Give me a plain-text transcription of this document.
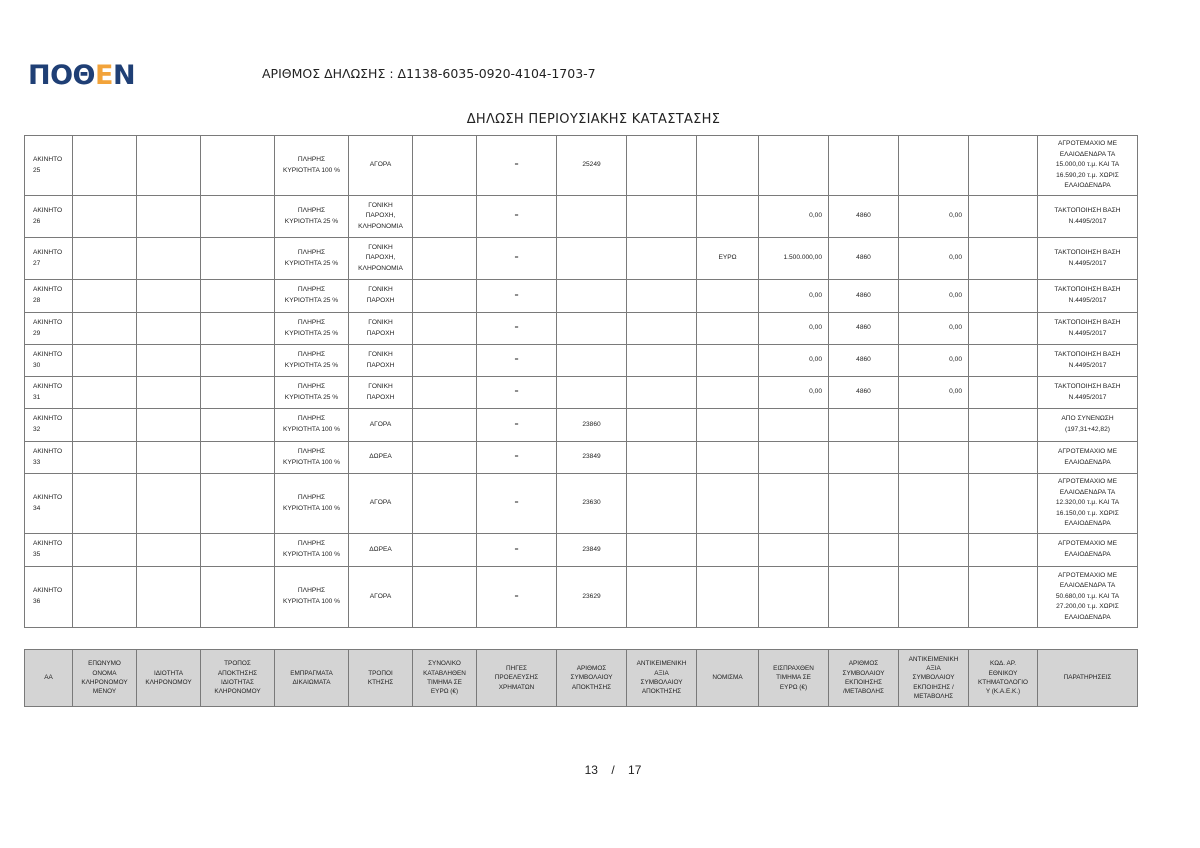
ΠΟΘΕΝ	ΑΡΙΘΜΟΣ ΔΗΛΩΣΗΣ : Δ1138-6035-0920-4104-1703-7
ΔΗΛΩΣΗ ΠΕΡΙΟΥΣΙΑΚΗΣ ΚΑΤΑΣΤΑΣΗΣ
ΑΚΙΝΗΤΟ
25				ΠΛΗΡΗΣ
ΚΥΡΙΟΤΗΤΑ 100 %	ΑΓΟΡΑ		=	25249							ΑΓΡΟΤΕΜΑΧΙΟ ΜΕ
ΕΛΑΙΟΔΕΝΔΡΑ ΤΑ
15.000,00 τ.μ. ΚΑΙ ΤΑ
16.590,20 τ.μ. ΧΩΡΙΣ
ΕΛΑΙΟΔΕΝΔΡΑ
ΑΚΙΝΗΤΟ
26				ΠΛΗΡΗΣ
ΚΥΡΙΟΤΗΤΑ 25 %	ΓΟΝΙΚΗ
ΠΑΡΟΧΗ,
ΚΛΗΡΟΝΟΜΙΑ		=				0,00	4860	0,00		ΤΑΚΤΟΠΟΙΗΣΗ ΒΑΣΗ
Ν.4495/2017
ΑΚΙΝΗΤΟ
27				ΠΛΗΡΗΣ
ΚΥΡΙΟΤΗΤΑ 25 %	ΓΟΝΙΚΗ
ΠΑΡΟΧΗ,
ΚΛΗΡΟΝΟΜΙΑ		=			ΕΥΡΩ	1.500.000,00	4860	0,00		ΤΑΚΤΟΠΟΙΗΣΗ ΒΑΣΗ
Ν.4495/2017
ΑΚΙΝΗΤΟ
28				ΠΛΗΡΗΣ
ΚΥΡΙΟΤΗΤΑ 25 %	ΓΟΝΙΚΗ
ΠΑΡΟΧΗ		=				0,00	4860	0,00		ΤΑΚΤΟΠΟΙΗΣΗ ΒΑΣΗ
Ν.4495/2017
ΑΚΙΝΗΤΟ
29				ΠΛΗΡΗΣ
ΚΥΡΙΟΤΗΤΑ 25 %	ΓΟΝΙΚΗ
ΠΑΡΟΧΗ		=				0,00	4860	0,00		ΤΑΚΤΟΠΟΙΗΣΗ ΒΑΣΗ
Ν.4495/2017
ΑΚΙΝΗΤΟ
30				ΠΛΗΡΗΣ
ΚΥΡΙΟΤΗΤΑ 25 %	ΓΟΝΙΚΗ
ΠΑΡΟΧΗ		=				0,00	4860	0,00		ΤΑΚΤΟΠΟΙΗΣΗ ΒΑΣΗ
Ν.4495/2017
ΑΚΙΝΗΤΟ
31				ΠΛΗΡΗΣ
ΚΥΡΙΟΤΗΤΑ 25 %	ΓΟΝΙΚΗ
ΠΑΡΟΧΗ		=				0,00	4860	0,00		ΤΑΚΤΟΠΟΙΗΣΗ ΒΑΣΗ
Ν.4495/2017
ΑΚΙΝΗΤΟ
32				ΠΛΗΡΗΣ
ΚΥΡΙΟΤΗΤΑ 100 %	ΑΓΟΡΑ		=	23860							ΑΠΟ ΣΥΝΕΝΩΣΗ
(197,31+42,82)
ΑΚΙΝΗΤΟ
33				ΠΛΗΡΗΣ
ΚΥΡΙΟΤΗΤΑ 100 %	ΔΩΡΕΑ		=	23849							ΑΓΡΟΤΕΜΑΧΙΟ ΜΕ
ΕΛΑΙΟΔΕΝΔΡΑ
ΑΚΙΝΗΤΟ
34				ΠΛΗΡΗΣ
ΚΥΡΙΟΤΗΤΑ 100 %	ΑΓΟΡΑ		=	23630							ΑΓΡΟΤΕΜΑΧΙΟ ΜΕ
ΕΛΑΙΟΔΕΝΔΡΑ ΤΑ
12.320,00 τ.μ. ΚΑΙ ΤΑ
16.150,00 τ.μ. ΧΩΡΙΣ
ΕΛΑΙΟΔΕΝΔΡΑ
ΑΚΙΝΗΤΟ
35				ΠΛΗΡΗΣ
ΚΥΡΙΟΤΗΤΑ 100 %	ΔΩΡΕΑ		=	23849							ΑΓΡΟΤΕΜΑΧΙΟ ΜΕ
ΕΛΑΙΟΔΕΝΔΡΑ
ΑΚΙΝΗΤΟ
36				ΠΛΗΡΗΣ
ΚΥΡΙΟΤΗΤΑ 100 %	ΑΓΟΡΑ		=	23629							ΑΓΡΟΤΕΜΑΧΙΟ ΜΕ
ΕΛΑΙΟΔΕΝΔΡΑ ΤΑ
50.680,00 τ.μ. ΚΑΙ ΤΑ
27.200,00 τ.μ. ΧΩΡΙΣ
ΕΛΑΙΟΔΕΝΔΡΑ
ΑΑ	ΕΠΩΝΥΜΟ
ΟΝΟΜΑ
ΚΛΗΡΟΝΟΜΟΥ
ΜΕΝΟΥ	ΙΔΙΟΤΗΤΑ
ΚΛΗΡΟΝΟΜΟΥ	ΤΡΟΠΟΣ
ΑΠΟΚΤΗΣΗΣ
ΙΔΙΟΤΗΤΑΣ
ΚΛΗΡΟΝΟΜΟΥ	ΕΜΠΡΑΓΜΑΤΑ
ΔΙΚΑΙΩΜΑΤΑ	ΤΡΟΠΟΙ
ΚΤΗΣΗΣ	ΣΥΝΟΛΙΚΟ
ΚΑΤΑΒΛΗΘΕΝ
ΤΙΜΗΜΑ ΣΕ
ΕΥΡΩ (€)	ΠΗΓΕΣ
ΠΡΟΕΛΕΥΣΗΣ
ΧΡΗΜΑΤΩΝ	ΑΡΙΘΜΟΣ
ΣΥΜΒΟΛΑΙΟΥ
ΑΠΟΚΤΗΣΗΣ	ΑΝΤΙΚΕΙΜΕΝΙΚΗ
ΑΞΙΑ
ΣΥΜΒΟΛΑΙΟΥ
ΑΠΟΚΤΗΣΗΣ	ΝΟΜΙΣΜΑ	ΕΙΣΠΡΑΧΘΕΝ
ΤΙΜΗΜΑ ΣΕ
ΕΥΡΩ (€)	ΑΡΙΘΜΟΣ
ΣΥΜΒΟΛΑΙΟΥ
ΕΚΠΟΙΗΣΗΣ
/ΜΕΤΑΒΟΛΗΣ	ΑΝΤΙΚΕΙΜΕΝΙΚΗ
ΑΞΙΑ
ΣΥΜΒΟΛΑΙΟΥ
ΕΚΠΟΙΗΣΗΣ /
ΜΕΤΑΒΟΛΗΣ	ΚΩΔ. ΑΡ.
ΕΘΝΙΚΟΥ
ΚΤΗΜΑΤΟΛΟΓΙΟ
Υ (Κ.Α.Ε.Κ.)	ΠΑΡΑΤΗΡΗΣΕΙΣ
13 / 17
